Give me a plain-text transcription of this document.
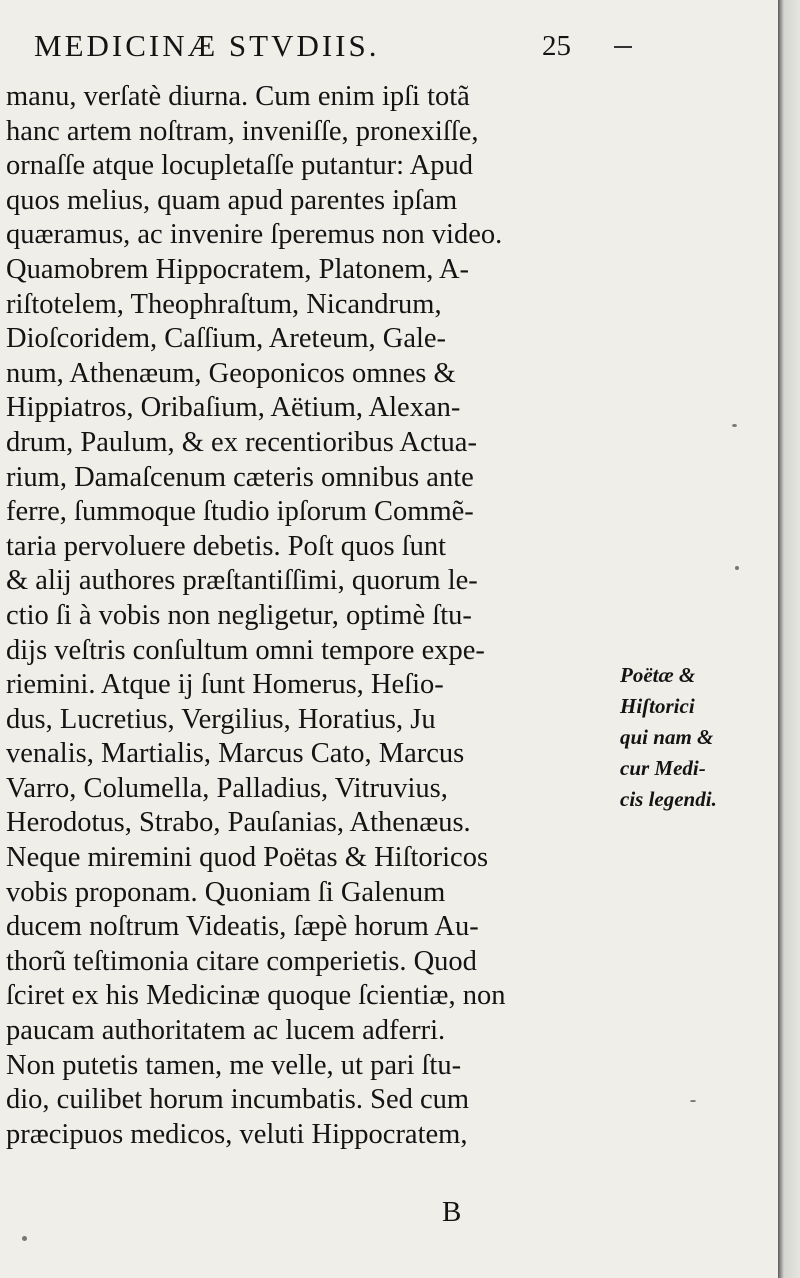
MEDICINÆ STVDIIS.	25
manu, verſatè diurna. Cum enim ipſi totã
hanc artem noſtram, inveniſſe, pronexiſſe,
ornaſſe atque locupletaſſe putantur: Apud
quos melius, quam apud parentes ipſam
quæramus, ac invenire ſperemus non video.
Quamobrem Hippocratem, Platonem, A-
riſtotelem, Theophraſtum, Nicandrum,
Dioſcoridem, Caſſium, Areteum, Gale-
num, Athenæum, Geoponicos omnes &
Hippiatros, Oribaſium, Aëtium, Alexan-
drum, Paulum, & ex recentioribus Actua-
rium, Damaſcenum cæteris omnibus ante
ferre, ſummoque ſtudio ipſorum Commẽ-
taria pervoluere debetis. Poſt quos ſunt
& alij authores præſtantiſſimi, quorum le-
ctio ſi à vobis non negligetur, optimè ſtu-
dijs veſtris conſultum omni tempore expe-
riemini. Atque ij ſunt Homerus, Heſio-
dus, Lucretius, Vergilius, Horatius, Ju
venalis, Martialis, Marcus Cato, Marcus
Varro, Columella, Palladius, Vitruvius,
Herodotus, Strabo, Pauſanias, Athenæus.
Neque miremini quod Poëtas & Hiſtoricos
vobis proponam. Quoniam ſi Galenum
ducem noſtrum Videatis, ſæpè horum Au-
thorũ teſtimonia citare comperietis. Quod
ſciret ex his Medicinæ quoque ſcientiæ, non
paucam authoritatem ac lucem adferri.
Non putetis tamen, me velle, ut pari ſtu-
dio, cuilibet horum incumbatis. Sed cum
præcipuos medicos, veluti Hippocratem,
Poëtæ &
Hiſtorici
qui nam &
cur Medi-
cis legendi.
B
